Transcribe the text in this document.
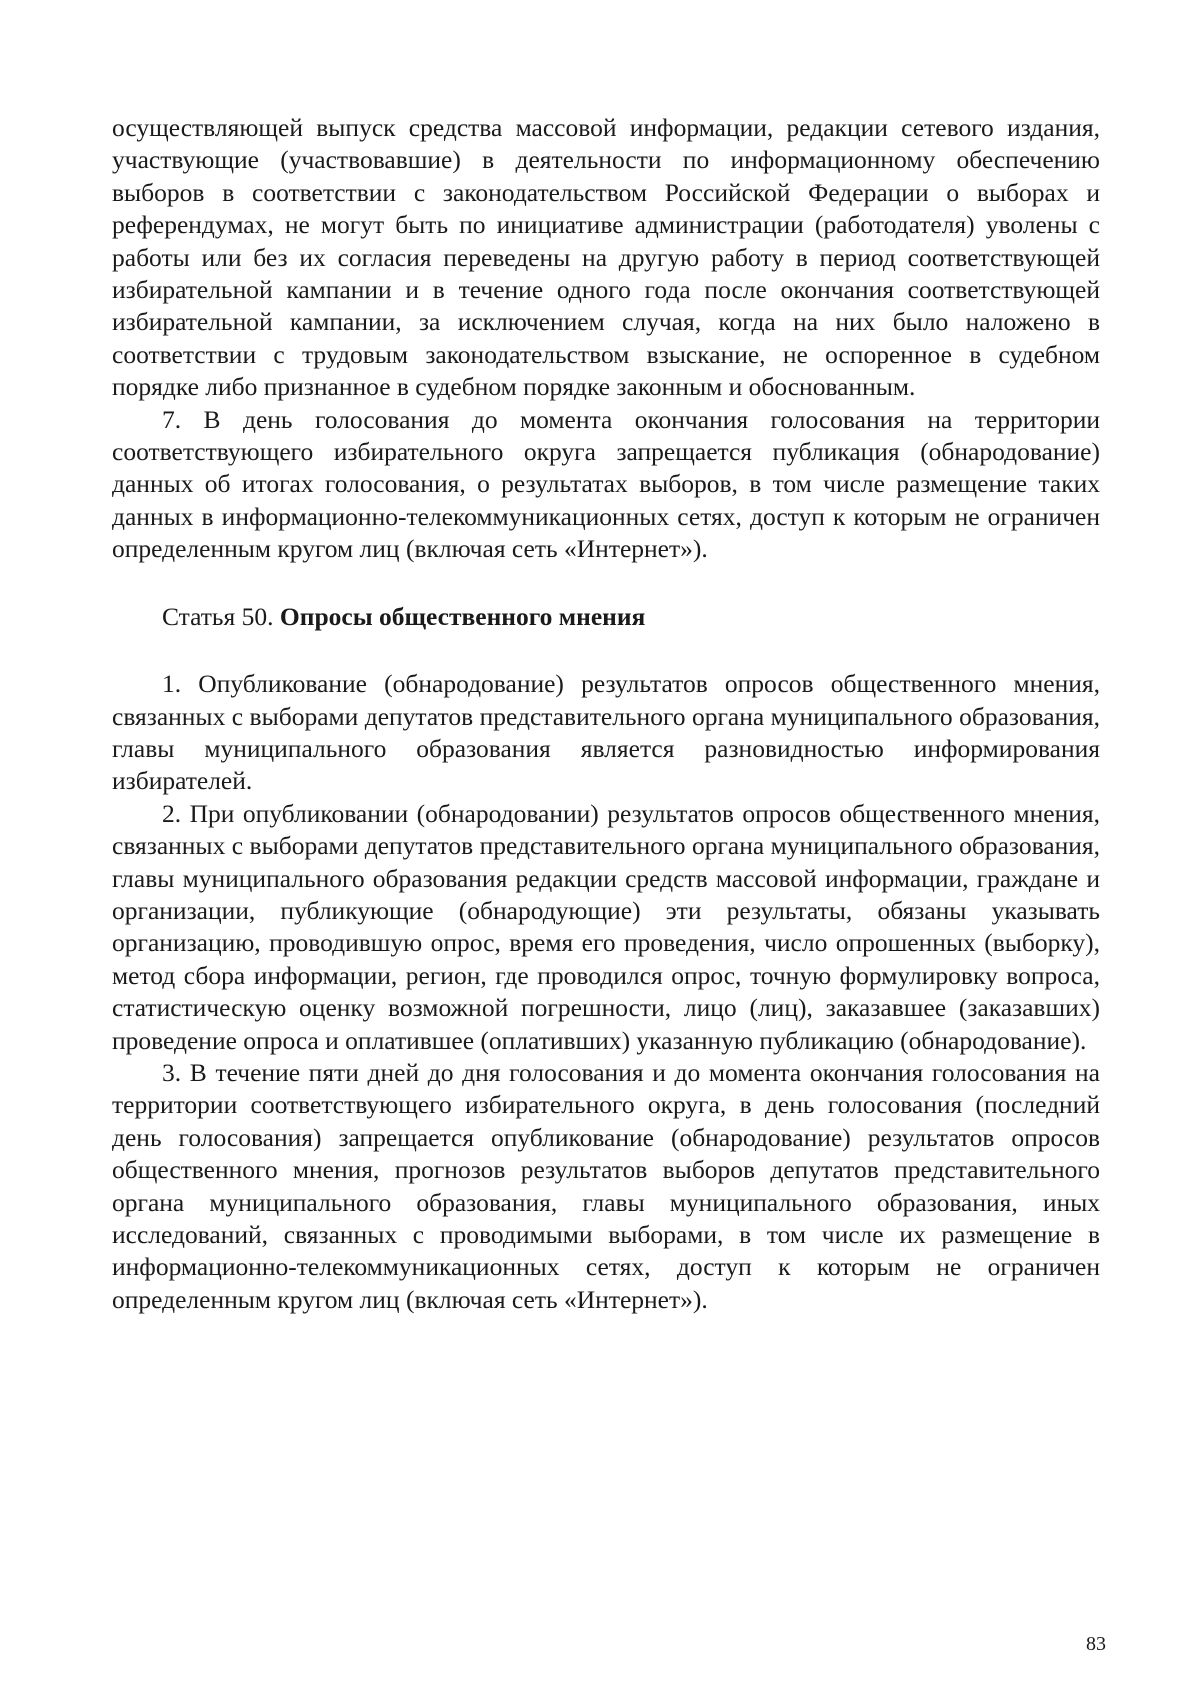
осуществляющей выпуск средства массовой информации, редакции сетевого издания, участвующие (участвовавшие) в деятельности по информационному обеспечению выборов в соответствии с законодательством Российской Федерации о выборах и референдумах, не могут быть по инициативе администрации (работодателя) уволены с работы или без их согласия переведены на другую работу в период соответствующей избирательной кампании и в течение одного года после окончания соответствующей избирательной кампании, за исключением случая, когда на них было наложено в соответствии с трудовым законодательством взыскание, не оспоренное в судебном порядке либо признанное в судебном порядке законным и обоснованным.

7. В день голосования до момента окончания голосования на территории соответствующего избирательного округа запрещается публикация (обнародование) данных об итогах голосования, о результатах выборов, в том числе размещение таких данных в информационно-телекоммуникационных сетях, доступ к которым не ограничен определенным кругом лиц (включая сеть «Интернет»).

Статья 50. Опросы общественного мнения

1. Опубликование (обнародование) результатов опросов общественного мнения, связанных с выборами депутатов представительного органа муниципального образования, главы муниципального образования является разновидностью информирования избирателей.

2. При опубликовании (обнародовании) результатов опросов общественного мнения, связанных с выборами депутатов представительного органа муниципального образования, главы муниципального образования редакции средств массовой информации, граждане и организации, публикующие (обнародующие) эти результаты, обязаны указывать организацию, проводившую опрос, время его проведения, число опрошенных (выборку), метод сбора информации, регион, где проводился опрос, точную формулировку вопроса, статистическую оценку возможной погрешности, лицо (лиц), заказавшее (заказавших) проведение опроса и оплатившее (оплативших) указанную публикацию (обнародование).

3. В течение пяти дней до дня голосования и до момента окончания голосования на территории соответствующего избирательного округа, в день голосования (последний день голосования) запрещается опубликование (обнародование) результатов опросов общественного мнения, прогнозов результатов выборов депутатов представительного органа муниципального образования, главы муниципального образования, иных исследований, связанных с проводимыми выборами, в том числе их размещение в информационно-телекоммуникационных сетях, доступ к которым не ограничен определенным кругом лиц (включая сеть «Интернет»).

83
